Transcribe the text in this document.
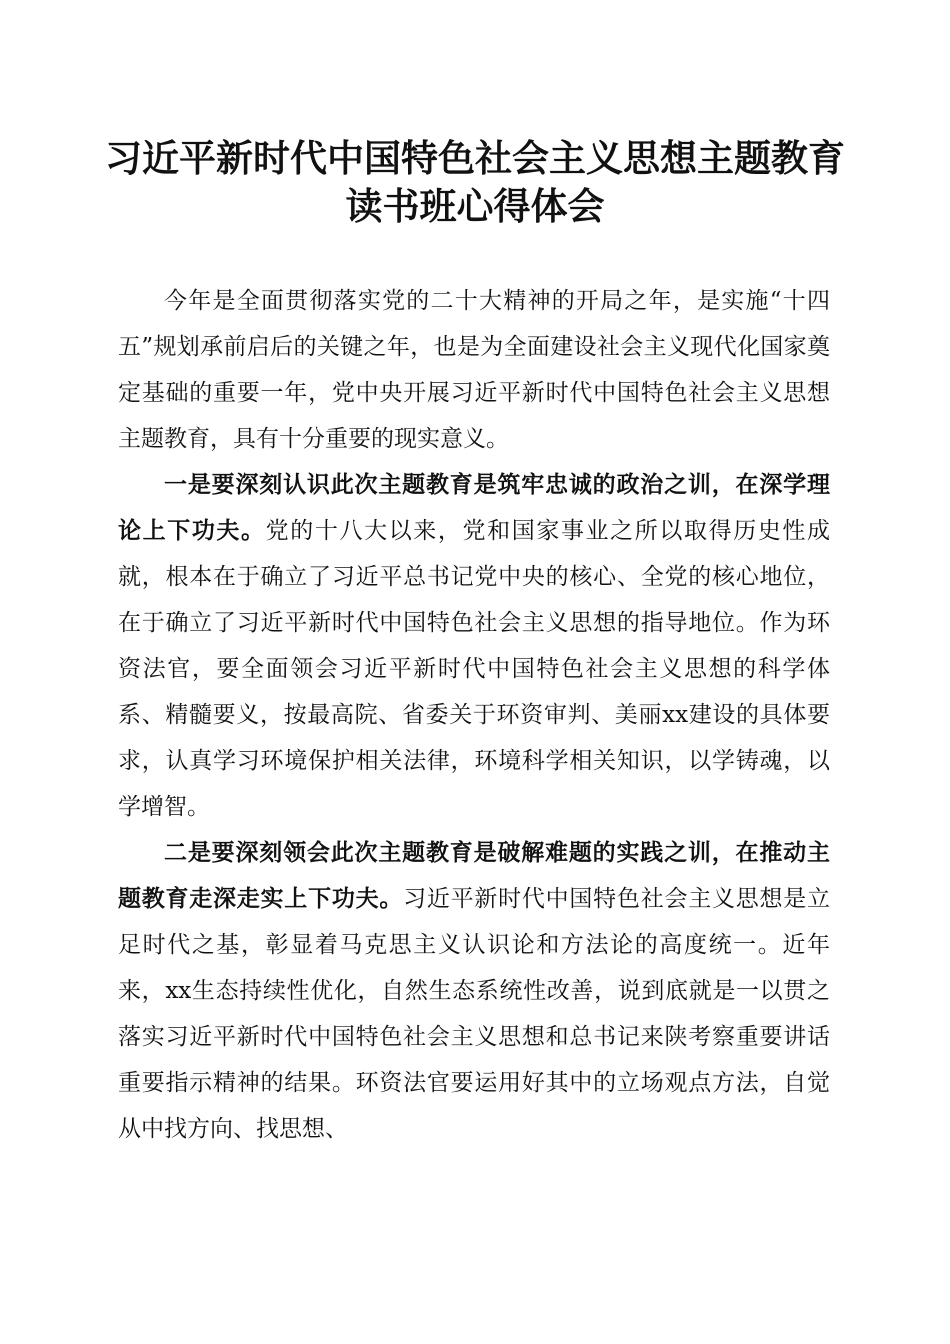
习近平新时代中国特色社会主义思想主题教育
读书班心得体会

今年是全面贯彻落实党的二十大精神的开局之年，是实施“十四五”规划承前启后的关键之年，也是为全面建设社会主义现代化国家奠定基础的重要一年，党中央开展习近平新时代中国特色社会主义思想主题教育，具有十分重要的现实意义。

一是要深刻认识此次主题教育是筑牢忠诚的政治之训，在深学理论上下功夫。党的十八大以来，党和国家事业之所以取得历史性成就，根本在于确立了习近平总书记党中央的核心、全党的核心地位，在于确立了习近平新时代中国特色社会主义思想的指导地位。作为环资法官，要全面领会习近平新时代中国特色社会主义思想的科学体系、精髓要义，按最高院、省委关于环资审判、美丽xx建设的具体要求，认真学习环境保护相关法律，环境科学相关知识，以学铸魂，以学增智。

二是要深刻领会此次主题教育是破解难题的实践之训，在推动主题教育走深走实上下功夫。习近平新时代中国特色社会主义思想是立足时代之基，彰显着马克思主义认识论和方法论的高度统一。近年来，xx生态持续性优化，自然生态系统性改善，说到底就是一以贯之落实习近平新时代中国特色社会主义思想和总书记来陕考察重要讲话重要指示精神的结果。环资法官要运用好其中的立场观点方法，自觉从中找方向、找思想、
